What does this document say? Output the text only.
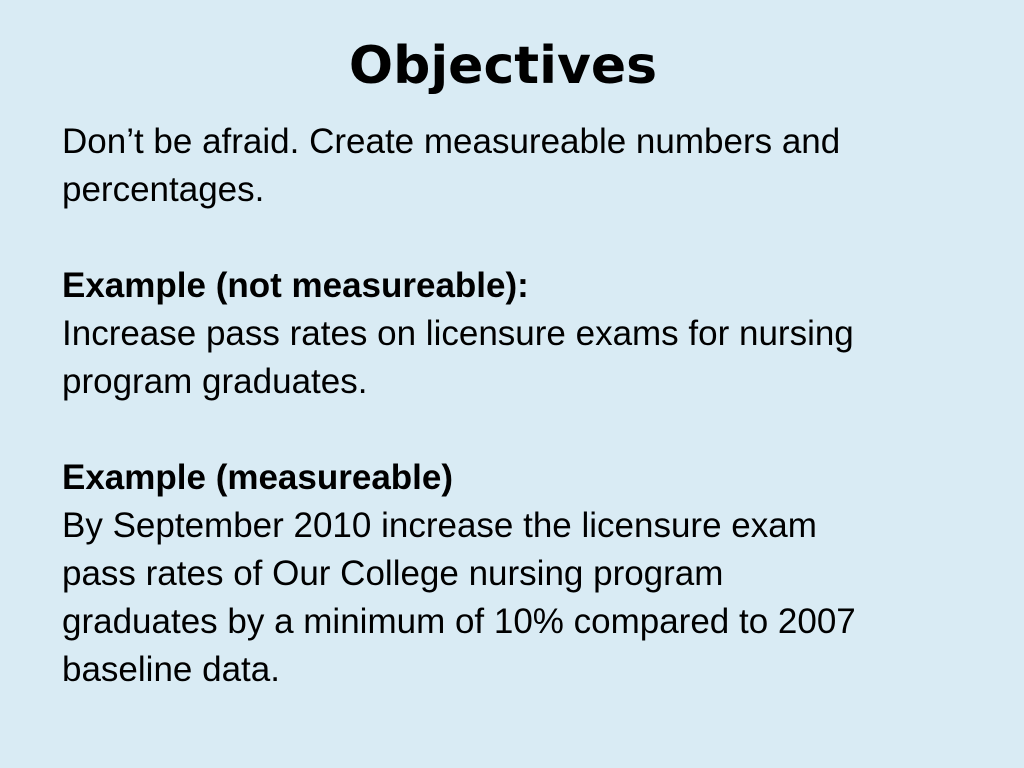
Objectives

Don’t be afraid. Create measureable numbers and

percentages.

Example (not measureable):

Increase pass rates on licensure exams for nursing

program graduates.

Example (measureable)

By September 2010 increase the licensure exam

pass rates of Our College nursing program

graduates by a minimum of 10% compared to 2007

baseline data.
